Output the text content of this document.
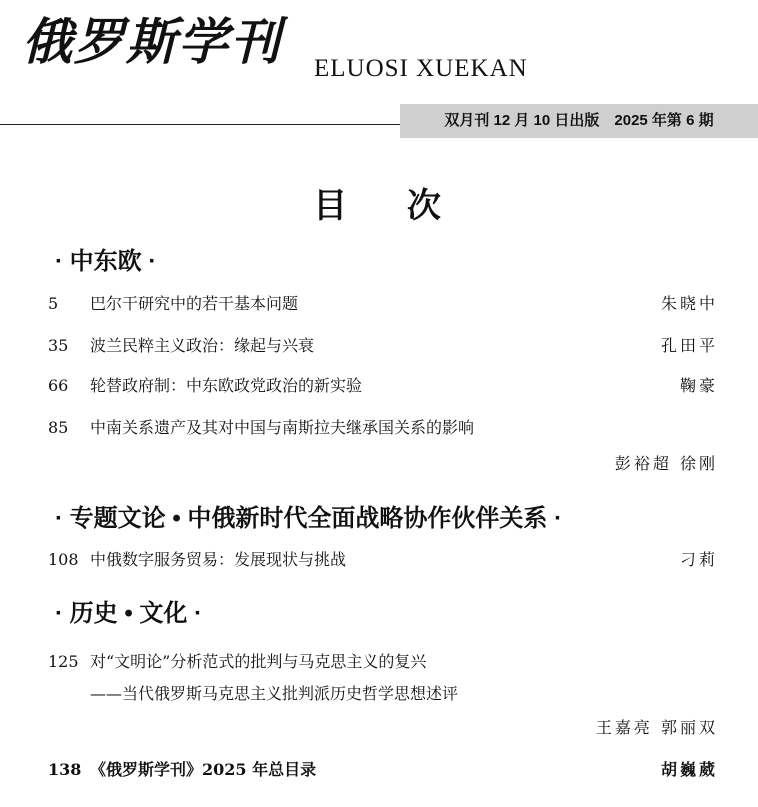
俄罗斯学刊 ELUOSI XUEKAN
双月刊 12 月 10 日出版　2025 年第 6 期
目 次
· 中东欧 ·
5 巴尔干研究中的若干基本问题	朱晓中
35 波兰民粹主义政治：缘起与兴衰	孔田平
66 轮替政府制：中东欧政党政治的新实验	鞠豪
85 中南关系遗产及其对中国与南斯拉夫继承国关系的影响
彭裕超 徐刚
· 专题文论 • 中俄新时代全面战略协作伙伴关系 ·
108 中俄数字服务贸易：发展现状与挑战	刁莉
· 历史 • 文化 ·
125 对“文明论”分析范式的批判与马克思主义的复兴
——当代俄罗斯马克思主义批判派历史哲学思想述评
王嘉亮 郭丽双
138 《俄罗斯学刊》2025 年总目录	胡巍葳
